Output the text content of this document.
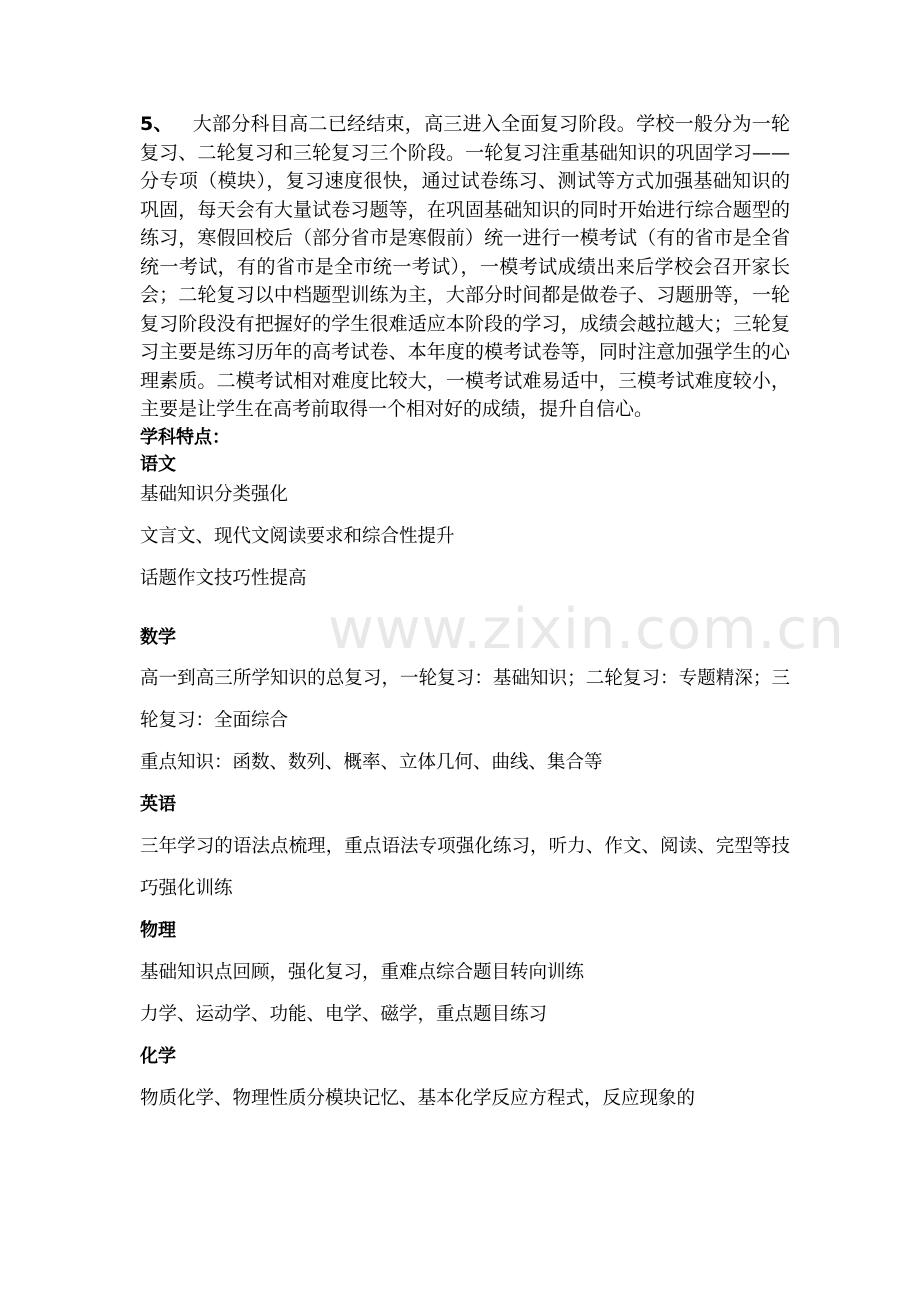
5、 大部分科目高二已经结束，高三进入全面复习阶段。学校一般分为一轮复习、二轮复习和三轮复习三个阶段。一轮复习注重基础知识的巩固学习——分专项（模块），复习速度很快，通过试卷练习、测试等方式加强基础知识的巩固，每天会有大量试卷习题等，在巩固基础知识的同时开始进行综合题型的练习，寒假回校后（部分省市是寒假前）统一进行一模考试（有的省市是全省统一考试，有的省市是全市统一考试），一模考试成绩出来后学校会召开家长会；二轮复习以中档题型训练为主，大部分时间都是做卷子、习题册等，一轮复习阶段没有把握好的学生很难适应本阶段的学习，成绩会越拉越大；三轮复习主要是练习历年的高考试卷、本年度的模考试卷等，同时注意加强学生的心理素质。二模考试相对难度比较大，一模考试难易适中，三模考试难度较小，主要是让学生在高考前取得一个相对好的成绩，提升自信心。

学科特点：

语文

基础知识分类强化

文言文、现代文阅读要求和综合性提升

话题作文技巧性提高

数学

高一到高三所学知识的总复习，一轮复习：基础知识；二轮复习：专题精深；三轮复习：全面综合

重点知识：函数、数列、概率、立体几何、曲线、集合等

英语

三年学习的语法点梳理，重点语法专项强化练习，听力、作文、阅读、完型等技巧强化训练

物理

基础知识点回顾，强化复习，重难点综合题目转向训练

力学、运动学、功能、电学、磁学，重点题目练习

化学

物质化学、物理性质分模块记忆、基本化学反应方程式，反应现象的

www.zixin.com.cn
